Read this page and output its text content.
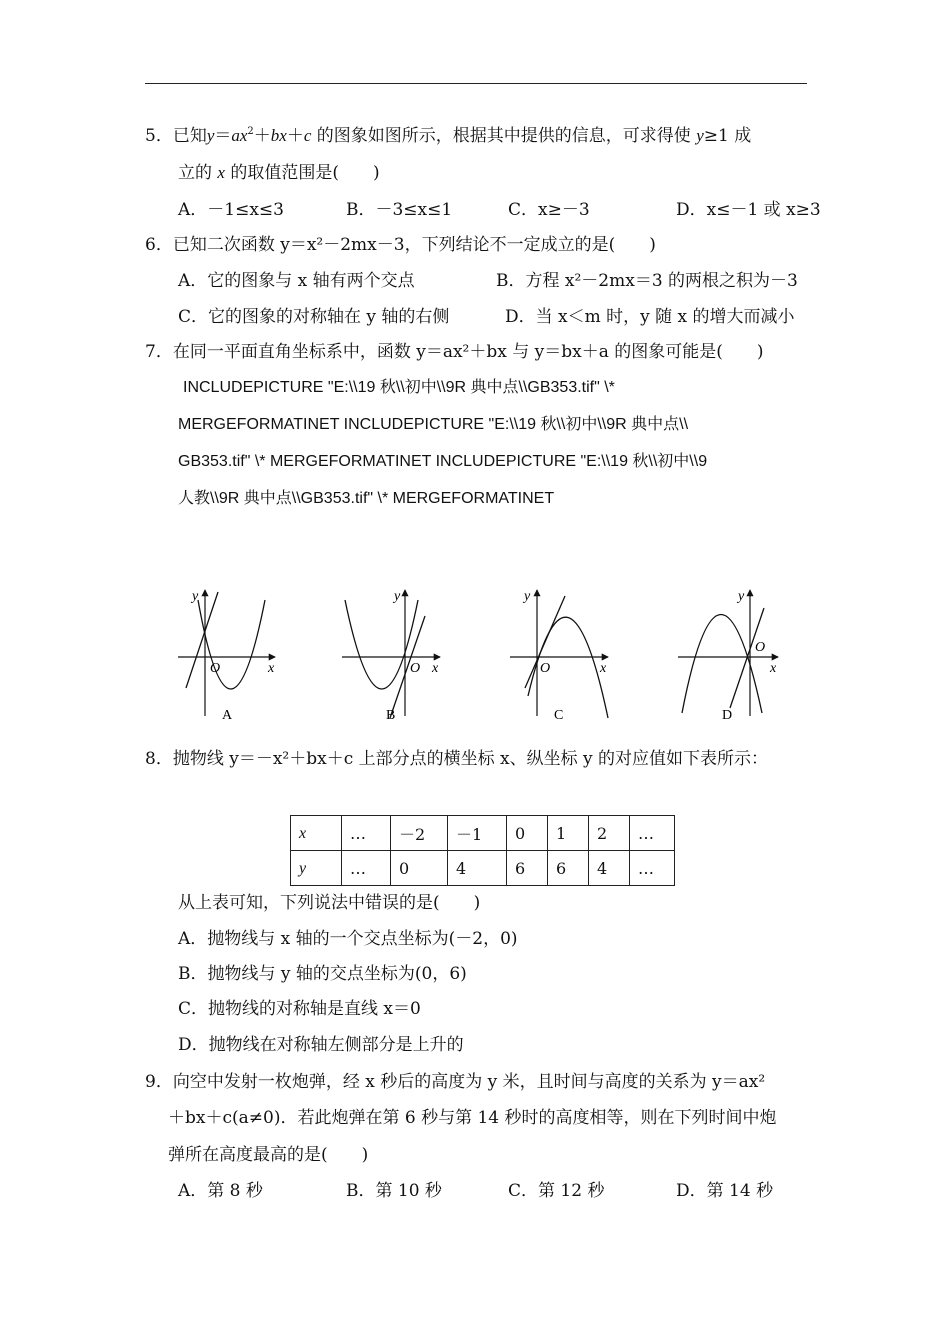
5．已知$y=ax^2+bx+c$ 的图象如图所示，根据其中提供的信息，可求得使 y≥1 成
立的 x 的取值范围是(　　)
A．－1≤x≤3	B．－3≤x≤1	C．x≥－3	D．x≤－1 或 x≥3
6．已知二次函数 y＝x²－2mx－3，下列结论不一定成立的是(　　)
A．它的图象与 x 轴有两个交点	B．方程 x²－2mx＝3 的两根之积为－3
C．它的图象的对称轴在 y 轴的右侧	D．当 x＜m 时，y 随 x 的增大而减小
7．在同一平面直角坐标系中，函数 y＝ax²＋bx 与 y＝bx＋a 的图象可能是(　　)
INCLUDEPICTURE "E:\\19 秋\\初中\\9R 典中点\\GB353.tif" \*
MERGEFORMATINET INCLUDEPICTURE "E:\\19 秋\\初中\\9R 典中点\\
GB353.tif" \* MERGEFORMATINET INCLUDEPICTURE "E:\\19 秋\\初中\\9
人教\\9R 典中点\\GB353.tif" \* MERGEFORMATINET
y
x
O
A
y
x
O
B
y
x
O
C
y
x
O
D
8．抛物线 y＝－x²＋bx＋c 上部分点的横坐标 x、纵坐标 y 的对应值如下表所示：
x	…	－2	－1	0	1	2	…
y	…	0	4	6	6	4	…
从上表可知，下列说法中错误的是(　　)
A．抛物线与 x 轴的一个交点坐标为(－2，0)
B．抛物线与 y 轴的交点坐标为(0，6)
C．抛物线的对称轴是直线 x＝0
D．抛物线在对称轴左侧部分是上升的
9．向空中发射一枚炮弹，经 x 秒后的高度为 y 米，且时间与高度的关系为 y＝ax²
＋bx＋c(a≠0)．若此炮弹在第 6 秒与第 14 秒时的高度相等，则在下列时间中炮
弹所在高度最高的是(　　)
A．第 8 秒	B．第 10 秒	C．第 12 秒	D．第 14 秒
